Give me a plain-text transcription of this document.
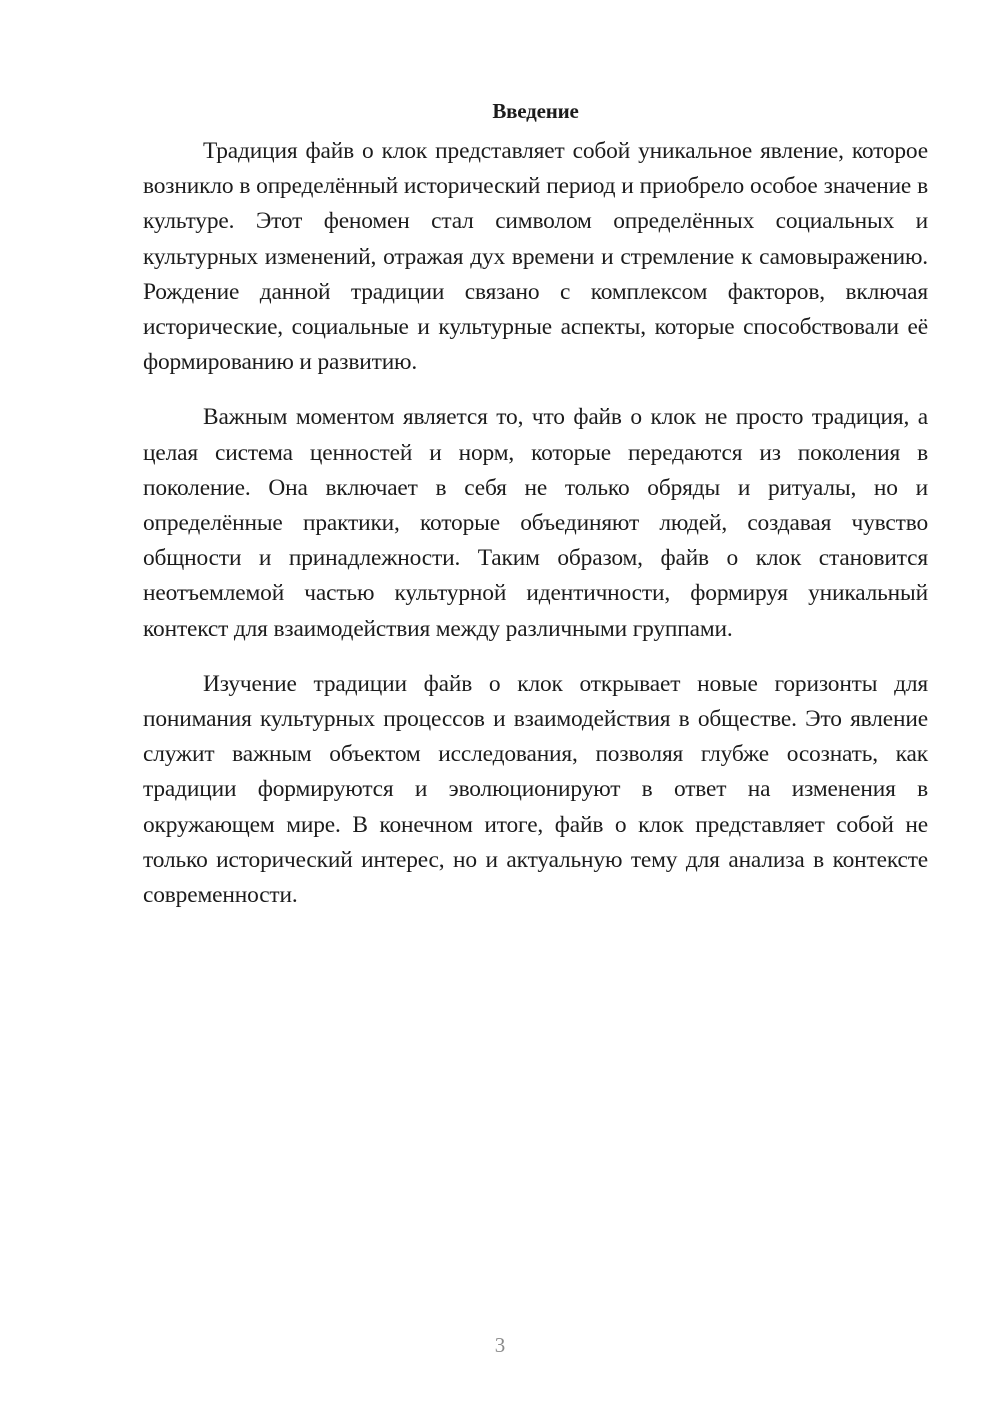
Введение

Традиция файв о клок представляет собой уникальное явление, которое возникло в определённый исторический период и приобрело особое значение в культуре. Этот феномен стал символом определённых социальных и культурных изменений, отражая дух времени и стремление к самовыражению. Рождение данной традиции связано с комплексом факторов, включая исторические, социальные и культурные аспекты, которые способствовали её формированию и развитию.

Важным моментом является то, что файв о клок не просто традиция, а целая система ценностей и норм, которые передаются из поколения в поколение. Она включает в себя не только обряды и ритуалы, но и определённые практики, которые объединяют людей, создавая чувство общности и принадлежности. Таким образом, файв о клок становится неотъемлемой частью культурной идентичности, формируя уникальный контекст для взаимодействия между различными группами.

Изучение традиции файв о клок открывает новые горизонты для понимания культурных процессов и взаимодействия в обществе. Это явление служит важным объектом исследования, позволяя глубже осознать, как традиции формируются и эволюционируют в ответ на изменения в окружающем мире. В конечном итоге, файв о клок представляет собой не только исторический интерес, но и актуальную тему для анализа в контексте современности.

3
